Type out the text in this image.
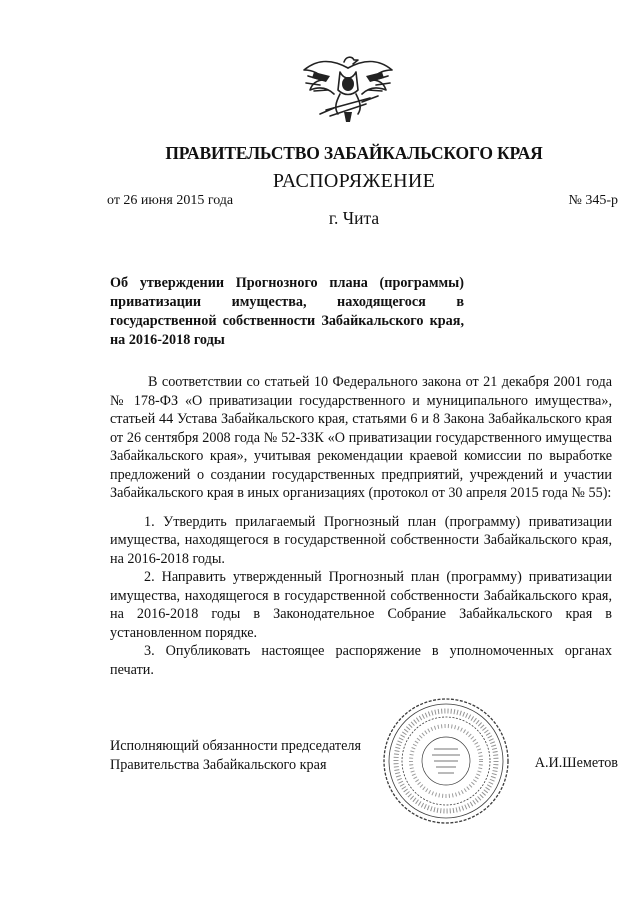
ПРАВИТЕЛЬСТВО ЗАБАЙКАЛЬСКОГО КРАЯ
РАСПОРЯЖЕНИЕ
от 26 июня 2015 года	№ 345-р
г. Чита
Об утверждении Прогнозного плана (программы) приватизации имущества, находящегося в государственной собственности Забайкальского края, на 2016-2018 годы

В соответствии со статьей 10 Федерального закона от 21 декабря 2001 года № 178-ФЗ «О приватизации государственного и муниципального имущества», статьей 44 Устава Забайкальского края, статьями 6 и 8 Закона Забайкальского края от 26 сентября 2008 года № 52-ЗЗК «О приватизации государственного имущества Забайкальского края», учитывая рекомендации краевой комиссии по выработке предложений о создании государственных предприятий, учреждений и участии Забайкальского края в иных организациях (протокол от 30 апреля 2015 года № 55):

1. Утвердить прилагаемый Прогнозный план (программу) приватизации имущества, находящегося в государственной собственности Забайкальского края, на 2016-2018 годы.

2. Направить утвержденный Прогнозный план (программу) приватизации имущества, находящегося в государственной собственности Забайкальского края, на 2016-2018 годы в Законодательное Собрание Забайкальского края в установленном порядке.

3. Опубликовать настоящее распоряжение в уполномоченных органах печати.

Исполняющий обязанности председателя
Правительства Забайкальского края	А.И.Шеметов
